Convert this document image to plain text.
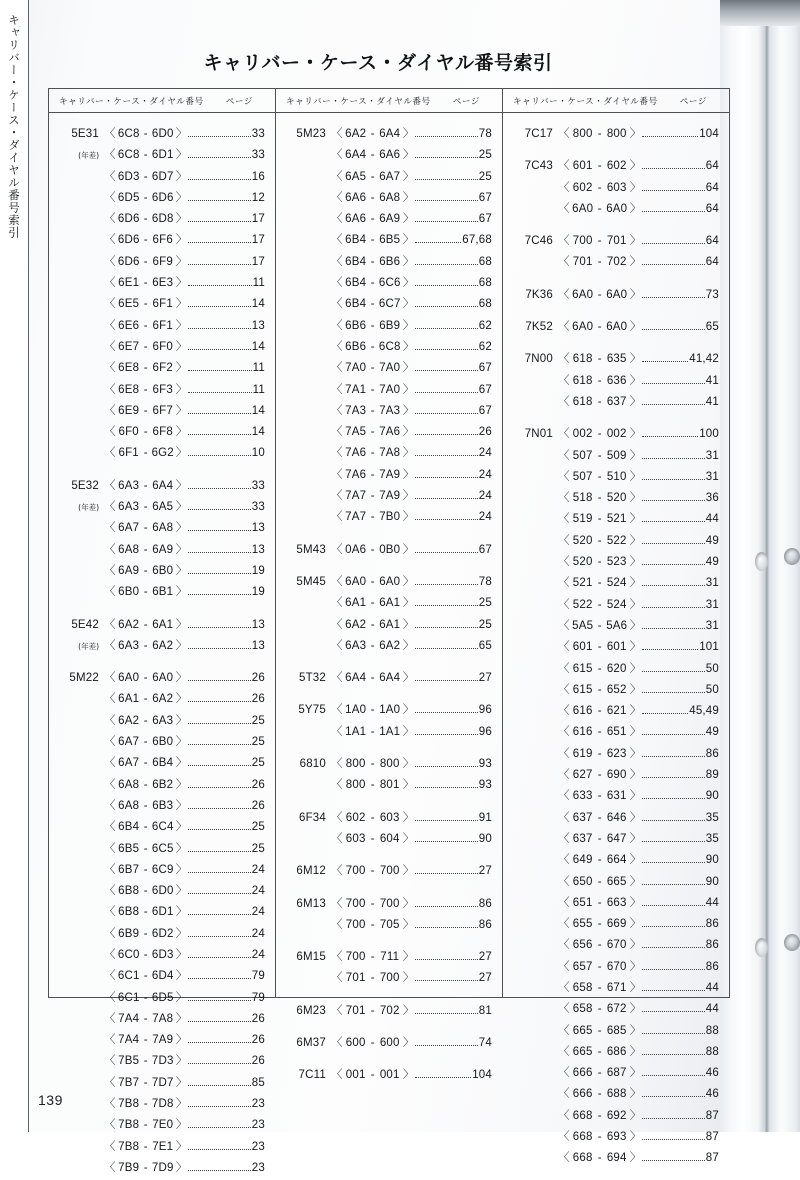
キャリバー・ケース・ダイヤル番号索引	キャリバー・ケース・ダイヤル番号索引
キャリバー・ケース・ダイヤル番号	ページ
5E31 〈 6C8 - 6D0 〉	33
(年差) 〈 6C8 - 6D1 〉	33
〈 6D3 - 6D7 〉	16
〈 6D5 - 6D6 〉	12
〈 6D6 - 6D8 〉	17
〈 6D6 - 6F6 〉	17
〈 6D6 - 6F9 〉	17
〈 6E1 - 6E3 〉	11
〈 6E5 - 6F1 〉	14
〈 6E6 - 6F1 〉	13
〈 6E7 - 6F0 〉	14
〈 6E8 - 6F2 〉	11
〈 6E8 - 6F3 〉	11
〈 6E9 - 6F7 〉	14
〈 6F0 - 6F8 〉	14
〈 6F1 - 6G2 〉	10
5E32 〈 6A3 - 6A4 〉	33
(年差) 〈 6A3 - 6A5 〉	33
〈 6A7 - 6A8 〉	13
〈 6A8 - 6A9 〉	13
〈 6A9 - 6B0 〉	19
〈 6B0 - 6B1 〉	19
5E42 〈 6A2 - 6A1 〉	13
(年差) 〈 6A3 - 6A2 〉	13
5M22 〈 6A0 - 6A0 〉	26
〈 6A1 - 6A2 〉	26
〈 6A2 - 6A3 〉	25
〈 6A7 - 6B0 〉	25
〈 6A7 - 6B4 〉	25
〈 6A8 - 6B2 〉	26
〈 6A8 - 6B3 〉	26
〈 6B4 - 6C4 〉	25
〈 6B5 - 6C5 〉	25
〈 6B7 - 6C9 〉	24
〈 6B8 - 6D0 〉	24
〈 6B8 - 6D1 〉	24
〈 6B9 - 6D2 〉	24
〈 6C0 - 6D3 〉	24
〈 6C1 - 6D4 〉	79
〈 6C1 - 6D5 〉	79
〈 7A4 - 7A8 〉	26
〈 7A4 - 7A9 〉	26
〈 7B5 - 7D3 〉	26
〈 7B7 - 7D7 〉	85
〈 7B8 - 7D8 〉	23
〈 7B8 - 7E0 〉	23
〈 7B8 - 7E1 〉	23
〈 7B9 - 7D9 〉	23
キャリバー・ケース・ダイヤル番号	ページ
5M23 〈 6A2 - 6A4 〉	78
〈 6A4 - 6A6 〉	25
〈 6A5 - 6A7 〉	25
〈 6A6 - 6A8 〉	67
〈 6A6 - 6A9 〉	67
〈 6B4 - 6B5 〉	67,68
〈 6B4 - 6B6 〉	68
〈 6B4 - 6C6 〉	68
〈 6B4 - 6C7 〉	68
〈 6B6 - 6B9 〉	62
〈 6B6 - 6C8 〉	62
〈 7A0 - 7A0 〉	67
〈 7A1 - 7A0 〉	67
〈 7A3 - 7A3 〉	67
〈 7A5 - 7A6 〉	26
〈 7A6 - 7A8 〉	24
〈 7A6 - 7A9 〉	24
〈 7A7 - 7A9 〉	24
〈 7A7 - 7B0 〉	24
5M43 〈 0A6 - 0B0 〉	67
5M45 〈 6A0 - 6A0 〉	78
〈 6A1 - 6A1 〉	25
〈 6A2 - 6A1 〉	25
〈 6A3 - 6A2 〉	65
5T32 〈 6A4 - 6A4 〉	27
5Y75 〈 1A0 - 1A0 〉	96
〈 1A1 - 1A1 〉	96
6810 〈 800 - 800 〉	93
〈 800 - 801 〉	93
6F34 〈 602 - 603 〉	91
〈 603 - 604 〉	90
6M12 〈 700 - 700 〉	27
6M13 〈 700 - 700 〉	86
〈 700 - 705 〉	86
6M15 〈 700 - 711 〉	27
〈 701 - 700 〉	27
6M23 〈 701 - 702 〉	81
6M37 〈 600 - 600 〉	74
7C11 〈 001 - 001 〉	104
キャリバー・ケース・ダイヤル番号	ページ
7C17 〈 800 - 800 〉	104
7C43 〈 601 - 602 〉	64
〈 602 - 603 〉	64
〈 6A0 - 6A0 〉	64
7C46 〈 700 - 701 〉	64
〈 701 - 702 〉	64
7K36 〈 6A0 - 6A0 〉	73
7K52 〈 6A0 - 6A0 〉	65
7N00 〈 618 - 635 〉	41,42
〈 618 - 636 〉	41
〈 618 - 637 〉	41
7N01 〈 002 - 002 〉	100
〈 507 - 509 〉	31
〈 507 - 510 〉	31
〈 518 - 520 〉	36
〈 519 - 521 〉	44
〈 520 - 522 〉	49
〈 520 - 523 〉	49
〈 521 - 524 〉	31
〈 522 - 524 〉	31
〈 5A5 - 5A6 〉	31
〈 601 - 601 〉	101
〈 615 - 620 〉	50
〈 615 - 652 〉	50
〈 616 - 621 〉	45,49
〈 616 - 651 〉	49
〈 619 - 623 〉	86
〈 627 - 690 〉	89
〈 633 - 631 〉	90
〈 637 - 646 〉	35
〈 637 - 647 〉	35
〈 649 - 664 〉	90
〈 650 - 665 〉	90
〈 651 - 663 〉	44
〈 655 - 669 〉	86
〈 656 - 670 〉	86
〈 657 - 670 〉	86
〈 658 - 671 〉	44
〈 658 - 672 〉	44
〈 665 - 685 〉	88
〈 665 - 686 〉	88
〈 666 - 687 〉	46
〈 666 - 688 〉	46
〈 668 - 692 〉	87
〈 668 - 693 〉	87
〈 668 - 694 〉	87
139
